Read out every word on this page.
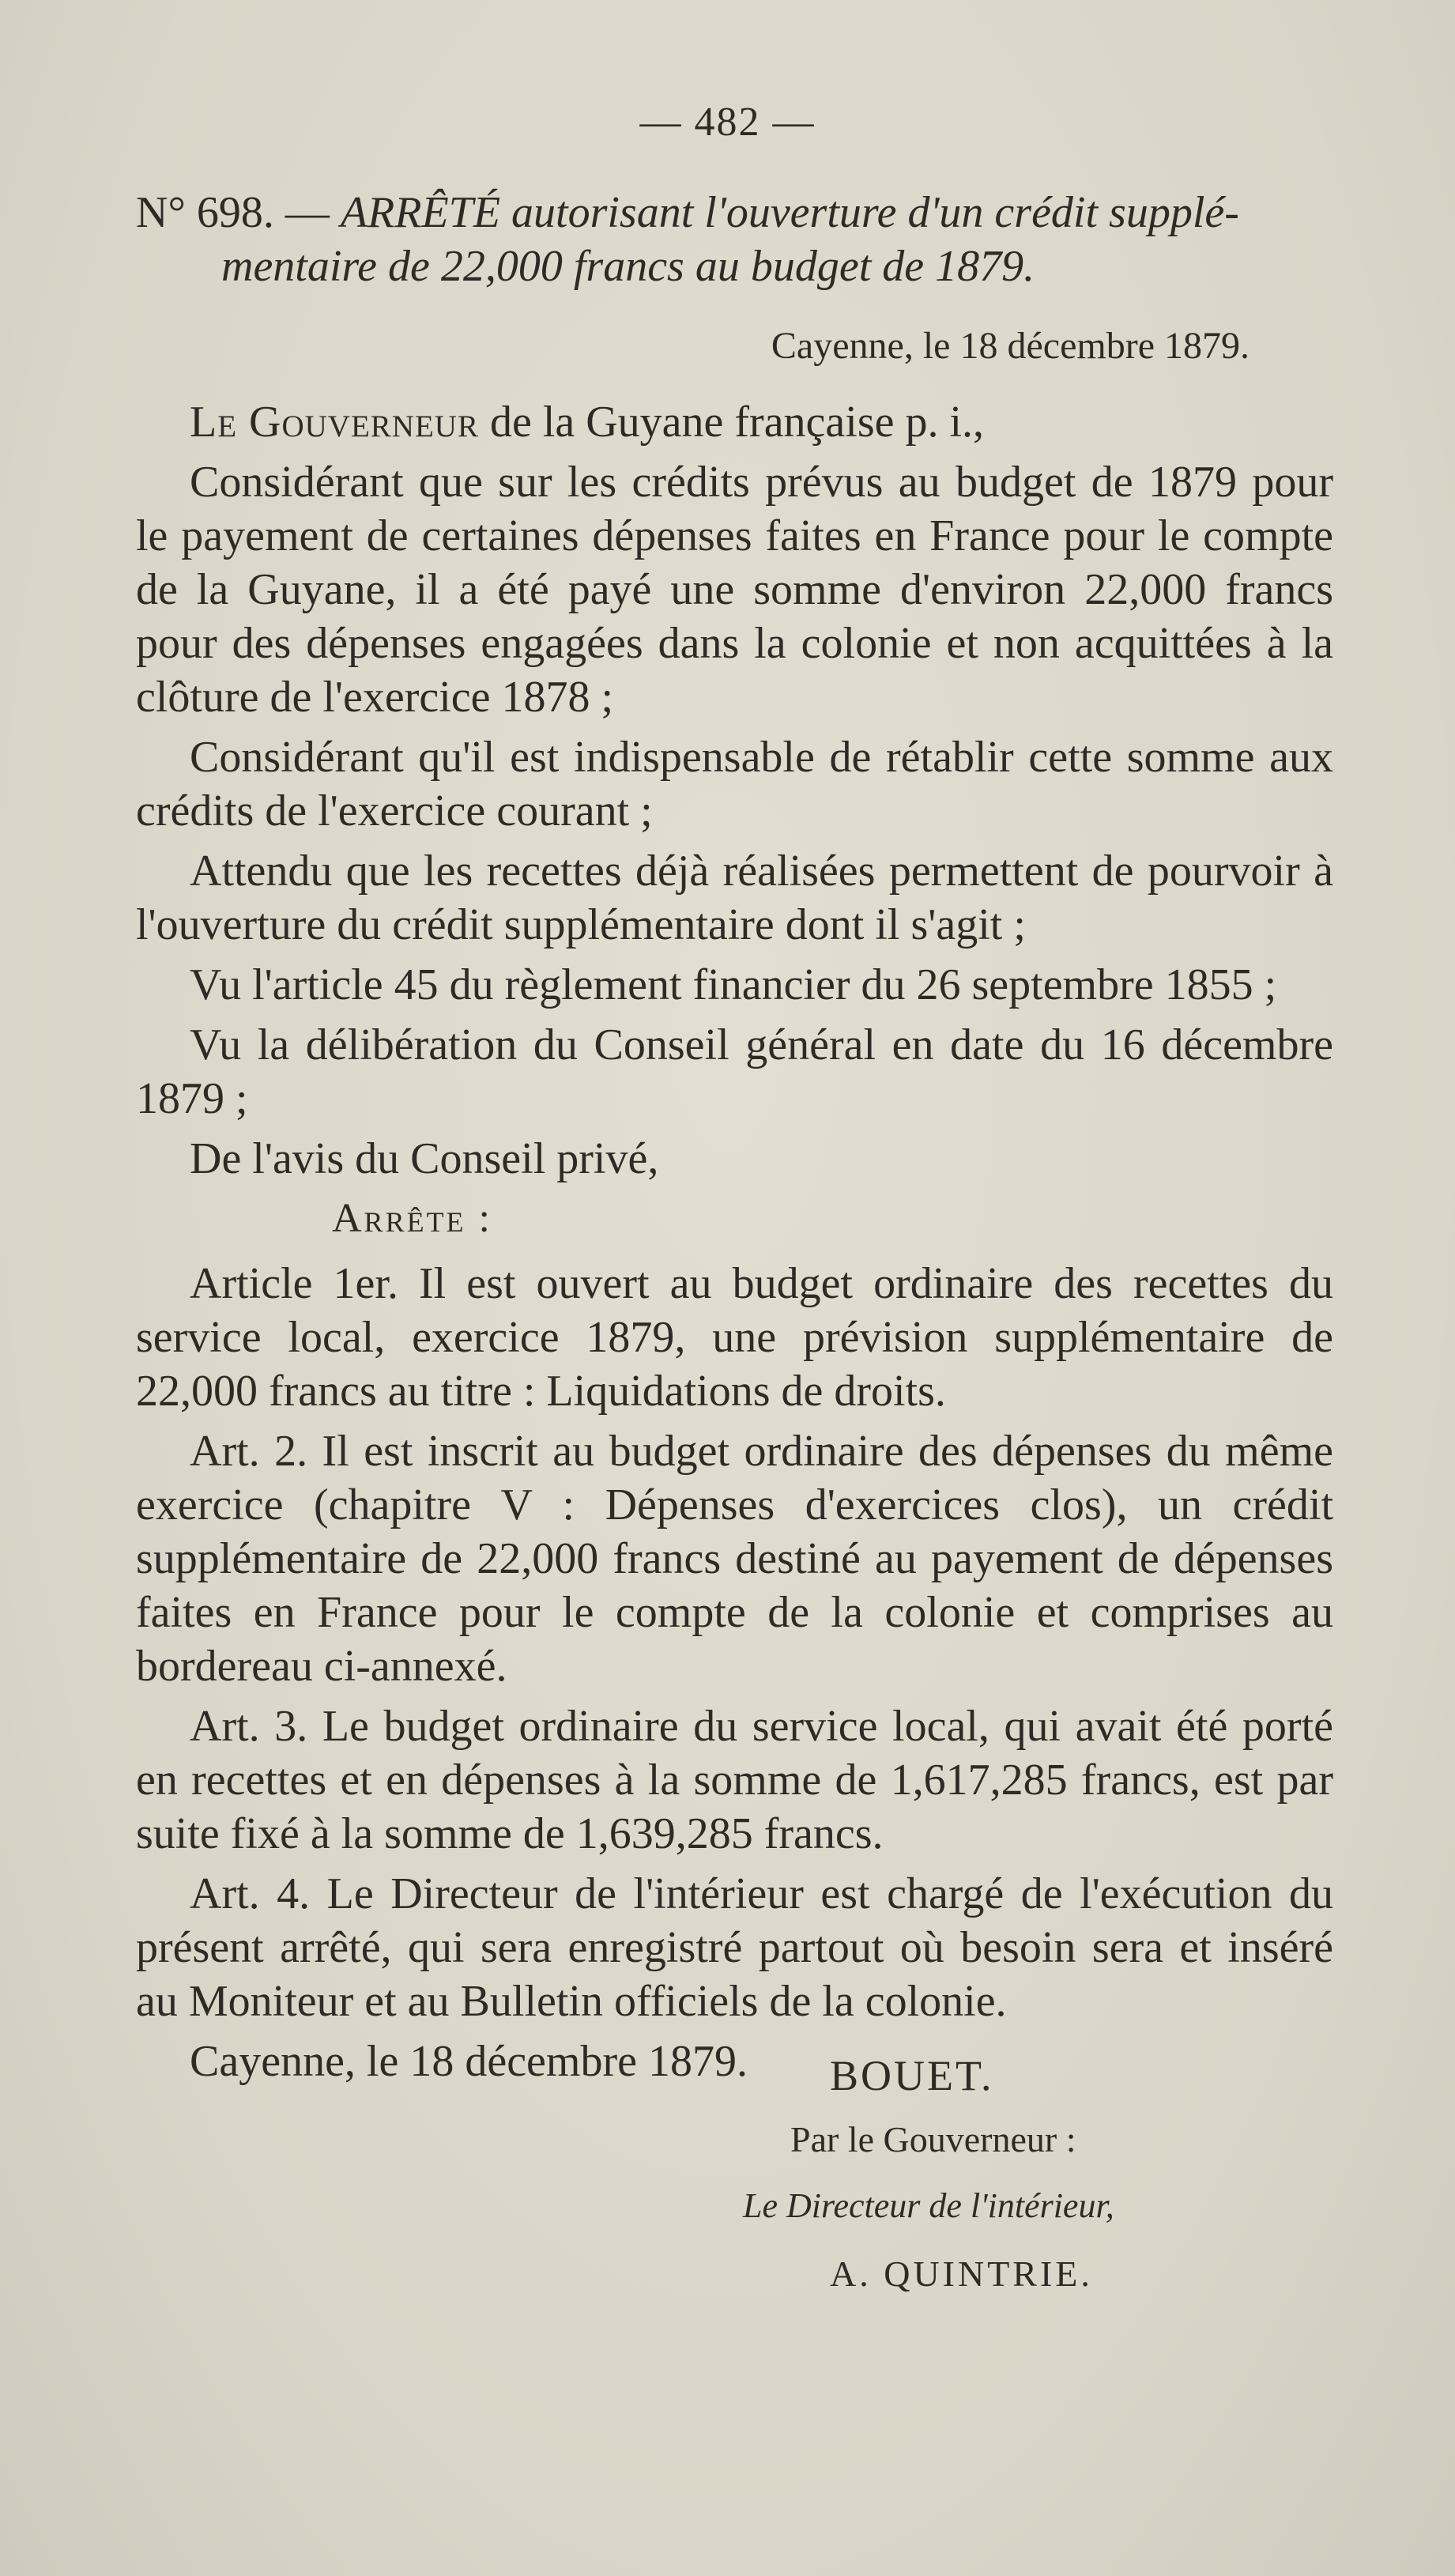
— 482 —
N° 698. — ARRÊTÉ autorisant l'ouverture d'un crédit supplé-
mentaire de 22,000 francs au budget de 1879.
Cayenne, le 18 décembre 1879.

Le Gouverneur de la Guyane française p. i.,

Considérant que sur les crédits prévus au budget de 1879 pour le payement de certaines dépenses faites en France pour le compte de la Guyane, il a été payé une somme d'environ 22,000 francs pour des dépenses engagées dans la colonie et non acquittées à la clôture de l'exercice 1878 ;

Considérant qu'il est indispensable de rétablir cette somme aux crédits de l'exercice courant ;

Attendu que les recettes déjà réalisées permettent de pourvoir à l'ouverture du crédit supplémentaire dont il s'agit ;

Vu l'article 45 du règlement financier du 26 septembre 1855 ;

Vu la délibération du Conseil général en date du 16 décembre 1879 ;

De l'avis du Conseil privé,

Arrête :

Article 1er. Il est ouvert au budget ordinaire des recettes du service local, exercice 1879, une prévision supplémentaire de 22,000 francs au titre : Liquidations de droits.

Art. 2. Il est inscrit au budget ordinaire des dépenses du même exercice (chapitre V : Dépenses d'exercices clos), un crédit supplémentaire de 22,000 francs destiné au payement de dépenses faites en France pour le compte de la colonie et comprises au bordereau ci-annexé.

Art. 3. Le budget ordinaire du service local, qui avait été porté en recettes et en dépenses à la somme de 1,617,285 francs, est par suite fixé à la somme de 1,639,285 francs.

Art. 4. Le Directeur de l'intérieur est chargé de l'exécution du présent arrêté, qui sera enregistré partout où besoin sera et inséré au Moniteur et au Bulletin officiels de la colonie.

Cayenne, le 18 décembre 1879.	BOUET.
Par le Gouverneur :
Le Directeur de l'intérieur,
A. QUINTRIE.
